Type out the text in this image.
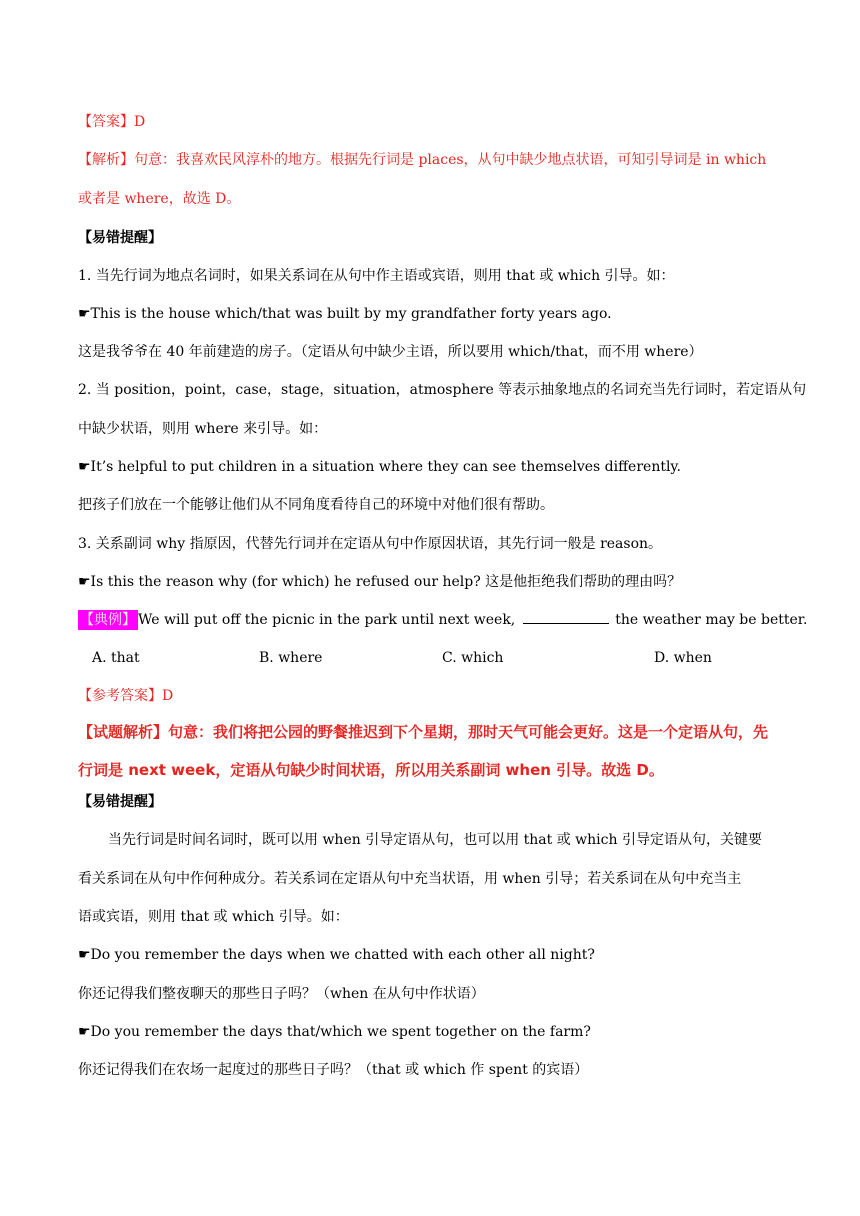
【答案】D
【解析】句意：我喜欢民风淳朴的地方。根据先行词是 places，从句中缺少地点状语，可知引导词是 in which
或者是 where，故选 D。
【易错提醒】
1. 当先行词为地点名词时，如果关系词在从句中作主语或宾语，则用 that 或 which 引导。如：
☛This is the house which/that was built by my grandfather forty years ago.
这是我爷爷在 40 年前建造的房子。（定语从句中缺少主语，所以要用 which/that，而不用 where）
2. 当 position，point，case，stage，situation，atmosphere 等表示抽象地点的名词充当先行词时，若定语从句
中缺少状语，则用 where 来引导。如：
☛It’s helpful to put children in a situation where they can see themselves differently.
把孩子们放在一个能够让他们从不同角度看待自己的环境中对他们很有帮助。
3. 关系副词 why 指原因，代替先行词并在定语从句中作原因状语，其先行词一般是 reason。
☛Is this the reason why (for which) he refused our help? 这是他拒绝我们帮助的理由吗？
【典例】 We will put off the picnic in the park until next week,	the weather may be better.
A. that	B. where	C. which	D. when
【参考答案】D
【试题解析】句意：我们将把公园的野餐推迟到下个星期，那时天气可能会更好。这是一个定语从句，先
行词是 next week，定语从句缺少时间状语，所以用关系副词 when 引导。故选 D。
【易错提醒】
当先行词是时间名词时，既可以用 when 引导定语从句，也可以用 that 或 which 引导定语从句，关键要
看关系词在从句中作何种成分。若关系词在定语从句中充当状语，用 when 引导；若关系词在从句中充当主
语或宾语，则用 that 或 which 引导。如：
☛Do you remember the days when we chatted with each other all night?
你还记得我们整夜聊天的那些日子吗？（when 在从句中作状语）
☛Do you remember the days that/which we spent together on the farm?
你还记得我们在农场一起度过的那些日子吗？（that 或 which 作 spent 的宾语）
